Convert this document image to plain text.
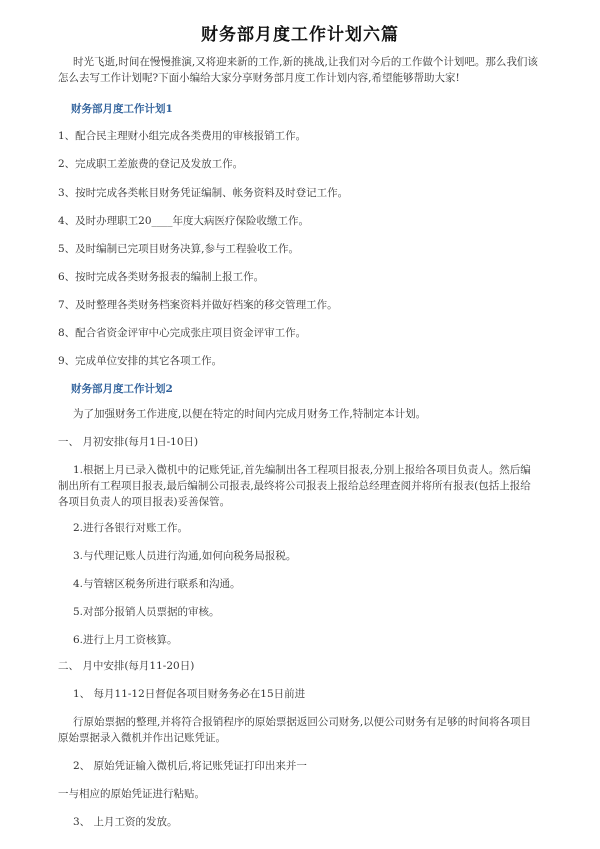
财务部月度工作计划六篇
时光飞逝,时间在慢慢推演,又将迎来新的工作,新的挑战,让我们对今后的工作做个计划吧。那么我们该
怎么去写工作计划呢?下面小编给大家分享财务部月度工作计划内容,希望能够帮助大家!
财务部月度工作计划1
1、配合民主理财小组完成各类费用的审核报销工作。
2、完成职工差旅费的登记及发放工作。
3、按时完成各类帐目财务凭证编制、帐务资料及时登记工作。
4、及时办理职工20____年度大病医疗保险收缴工作。
5、及时编制已完项目财务决算,参与工程验收工作。
6、按时完成各类财务报表的编制上报工作。
7、及时整理各类财务档案资料并做好档案的移交管理工作。
8、配合省资金评审中心完成张庄项目资金评审工作。
9、完成单位安排的其它各项工作。
财务部月度工作计划2
为了加强财务工作进度,以便在特定的时间内完成月财务工作,特制定本计划。
一、 月初安排(每月1日-10日)
1.根据上月已录入微机中的记账凭证,首先编制出各工程项目报表,分别上报给各项目负责人。然后编
制出所有工程项目报表,最后编制公司报表,最终将公司报表上报给总经理查阅并将所有报表(包括上报给
各项目负责人的项目报表)妥善保管。
2.进行各银行对账工作。
3.与代理记账人员进行沟通,如何向税务局报税。
4.与管辖区税务所进行联系和沟通。
5.对部分报销人员票据的审核。
6.进行上月工资核算。
二、 月中安排(每月11-20日)
1、 每月11-12日督促各项目财务务必在15日前进
行原始票据的整理,并将符合报销程序的原始票据返回公司财务,以便公司财务有足够的时间将各项目
原始票据录入微机并作出记账凭证。
2、 原始凭证输入微机后,将记账凭证打印出来并一
一与相应的原始凭证进行粘贴。
3、 上月工资的发放。
